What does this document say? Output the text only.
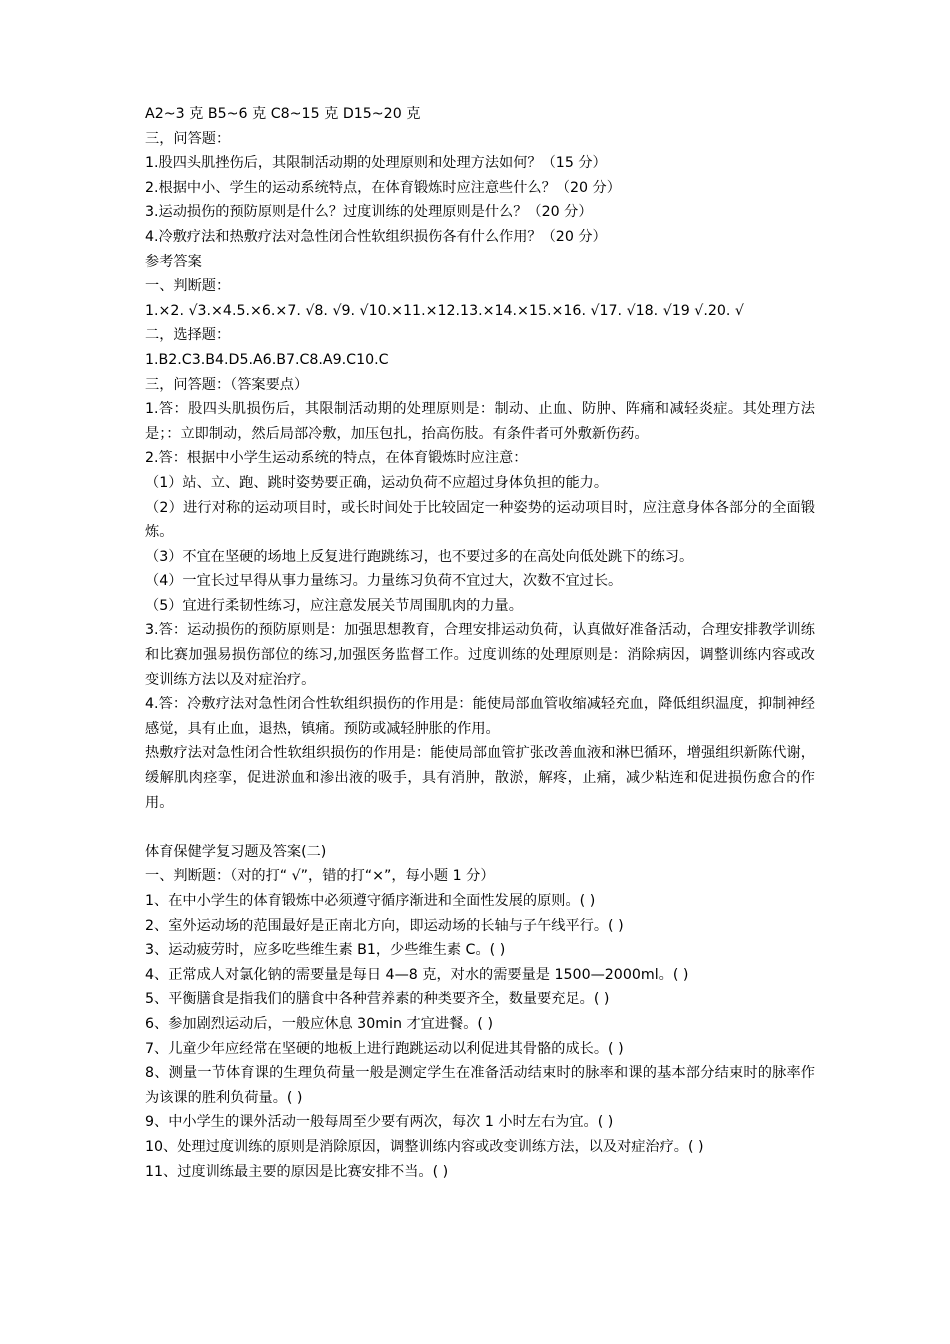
A2~3 克 B5~6 克 C8~15 克 D15~20 克
三，问答题：
1.股四头肌挫伤后，其限制活动期的处理原则和处理方法如何？（15 分）
2.根据中小、学生的运动系统特点，在体育锻炼时应注意些什么？（20 分）
3.运动损伤的预防原则是什么？过度训练的处理原则是什么？（20 分）
4.冷敷疗法和热敷疗法对急性闭合性软组织损伤各有什么作用？（20 分）
参考答案
一、判断题：
1.×2. √3.×4.5.×6.×7. √8. √9. √10.×11.×12.13.×14.×15.×16. √17. √18. √19 √.20. √
二，选择题：
1.B2.C3.B4.D5.A6.B7.C8.A9.C10.C
三，问答题：（答案要点）
1.答：股四头肌损伤后，其限制活动期的处理原则是：制动、止血、防肿、阵痛和减轻炎症。其处理方法是；：立即制动，然后局部冷敷，加压包扎，抬高伤肢。有条件者可外敷新伤药。
2.答：根据中小学生运动系统的特点，在体育锻炼时应注意：
（1）站、立、跑、跳时姿势要正确，运动负荷不应超过身体负担的能力。
（2）进行对称的运动项目时，或长时间处于比较固定一种姿势的运动项目时，应注意身体各部分的全面锻炼。
（3）不宜在坚硬的场地上反复进行跑跳练习，也不要过多的在高处向低处跳下的练习。
（4）一宜长过早得从事力量练习。力量练习负荷不宜过大，次数不宜过长。
（5）宜进行柔韧性练习，应注意发展关节周围肌肉的力量。
3.答：运动损伤的预防原则是：加强思想教育，合理安排运动负荷，认真做好准备活动，合理安排教学训练和比赛加强易损伤部位的练习,加强医务监督工作。过度训练的处理原则是：消除病因，调整训练内容或改变训练方法以及对症治疗。
4.答：冷敷疗法对急性闭合性软组织损伤的作用是：能使局部血管收缩减轻充血，降低组织温度，抑制神经感觉，具有止血，退热，镇痛。预防或减轻肿胀的作用。
热敷疗法对急性闭合性软组织损伤的作用是：能使局部血管扩张改善血液和淋巴循环，增强组织新陈代谢，缓解肌肉痉挛，促进淤血和渗出液的吸手，具有消肿，散淤，解疼，止痛，减少粘连和促进损伤愈合的作用。
体育保健学复习题及答案(二)
一、判断题：（对的打“ √”，错的打“×”，每小题 1 分）
1、在中小学生的体育锻炼中必须遵守循序渐进和全面性发展的原则。( )
2、室外运动场的范围最好是正南北方向，即运动场的长轴与子午线平行。( )
3、运动疲劳时，应多吃些维生素 B1，少些维生素 C。( )
4、正常成人对氯化钠的需要量是每日 4—8 克，对水的需要量是 1500—2000ml。( )
5、平衡膳食是指我们的膳食中各种营养素的种类要齐全，数量要充足。( )
6、参加剧烈运动后，一般应休息 30min 才宜进餐。( )
7、儿童少年应经常在坚硬的地板上进行跑跳运动以利促进其骨骼的成长。( )
8、测量一节体育课的生理负荷量一般是测定学生在准备活动结束时的脉率和课的基本部分结束时的脉率作为该课的胜利负荷量。( )
9、中小学生的课外活动一般每周至少要有两次，每次 1 小时左右为宜。( )
10、处理过度训练的原则是消除原因，调整训练内容或改变训练方法，以及对症治疗。( )
11、过度训练最主要的原因是比赛安排不当。( )
